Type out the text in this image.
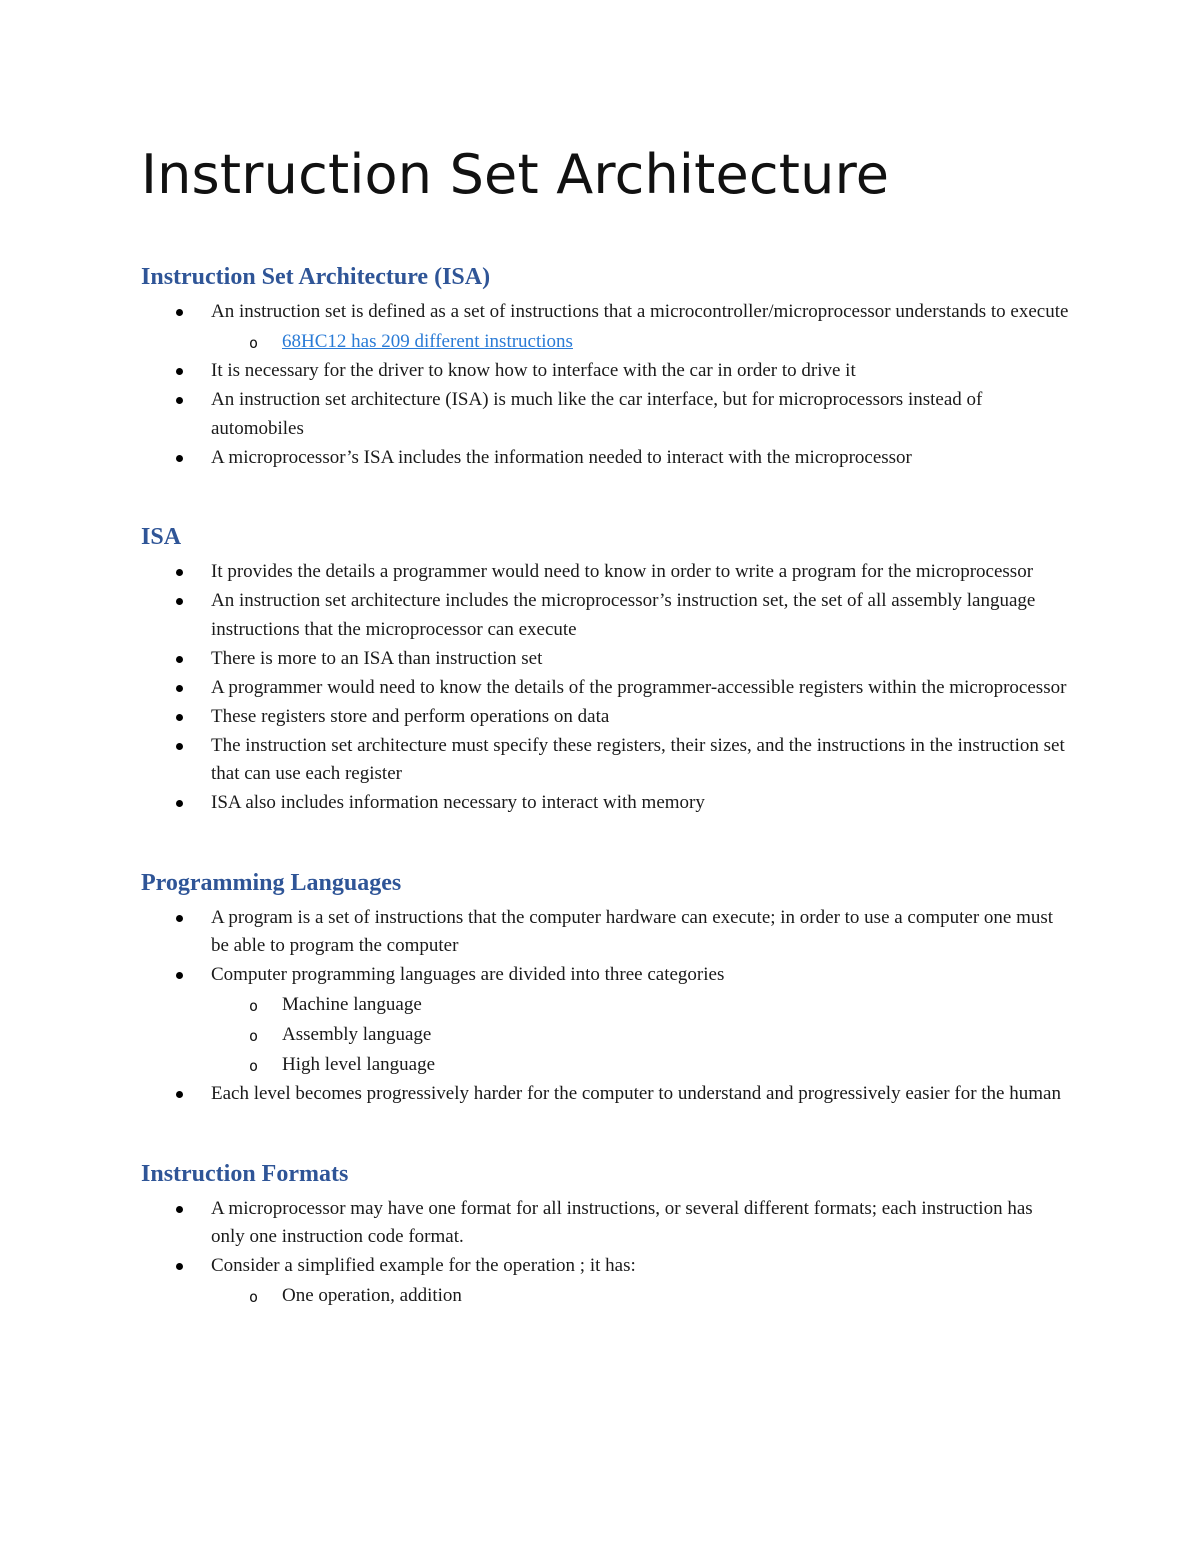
Instruction Set Architecture
Instruction Set Architecture (ISA)
An instruction set is defined as a set of instructions that a microcontroller/microprocessor understands to execute
o 68HC12 has 209 different instructions
It is necessary for the driver to know how to interface with the car in order to drive it
An instruction set architecture (ISA) is much like the car interface, but for microprocessors instead of automobiles
A microprocessor’s ISA includes the information needed to interact with the microprocessor
ISA
It provides the details a programmer would need to know in order to write a program for the microprocessor
An instruction set architecture includes the microprocessor’s instruction set, the set of all assembly language instructions that the microprocessor can execute
There is more to an ISA than instruction set
A programmer would need to know the details of the programmer-accessible registers within the microprocessor
These registers store and perform operations on data
The instruction set architecture must specify these registers, their sizes, and the instructions in the instruction set that can use each register
ISA also includes information necessary to interact with memory
Programming Languages
A program is a set of instructions that the computer hardware can execute; in order to use a computer one must be able to program the computer
Computer programming languages are divided into three categories
o Machine language
o Assembly language
o High level language
Each level becomes progressively harder for the computer to understand and progressively easier for the human
Instruction Formats
A microprocessor may have one format for all instructions, or several different formats; each instruction has only one instruction code format.
Consider a simplified example for the operation ; it has:
o One operation, addition
